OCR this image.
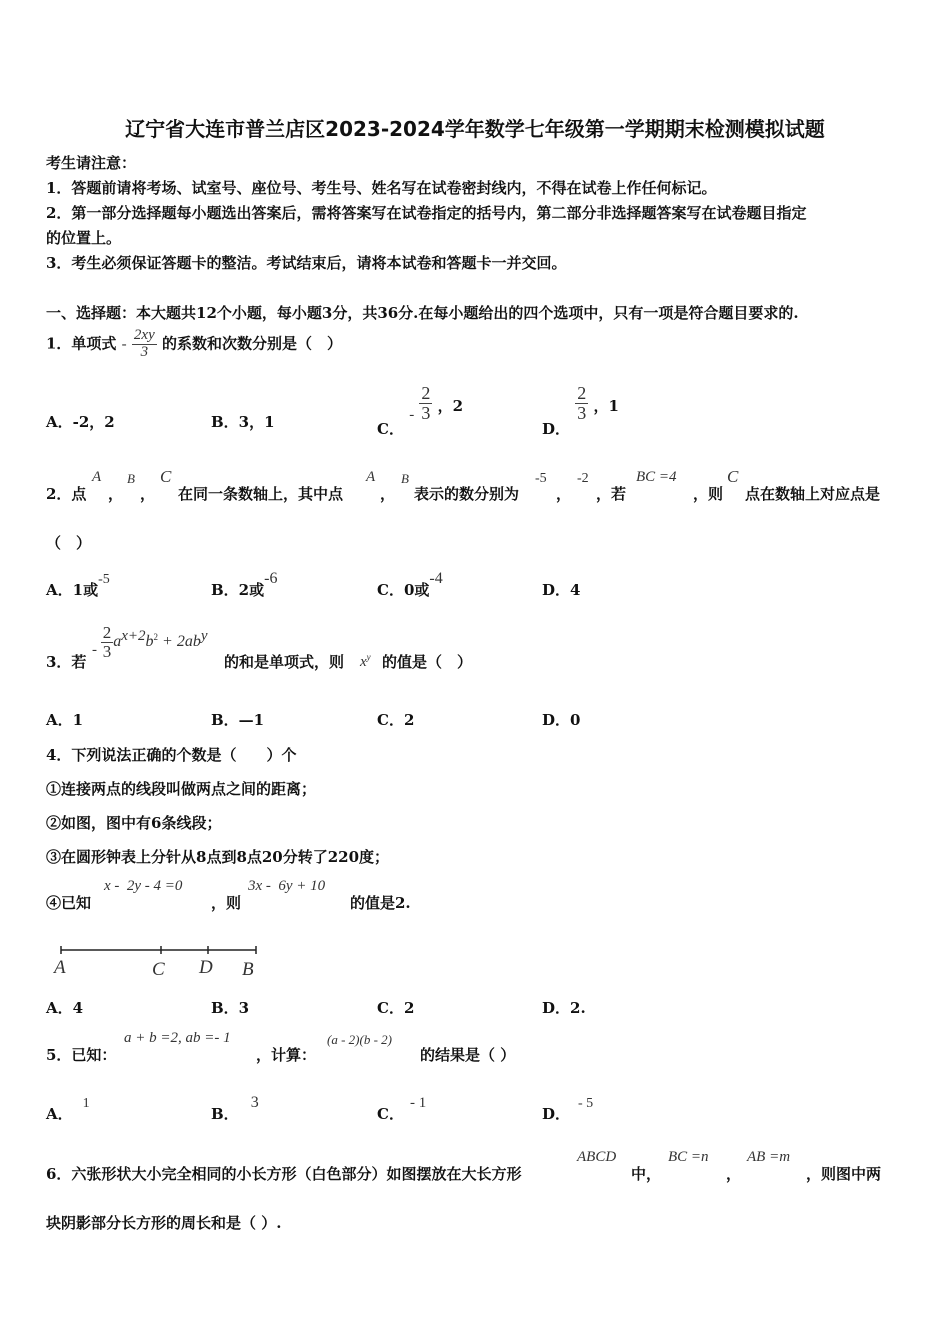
辽宁省大连市普兰店区2023-2024学年数学七年级第一学期期末检测模拟试题
考生请注意：
1．答题前请将考场、试室号、座位号、考生号、姓名写在试卷密封线内，不得在试卷上作任何标记。
2．第一部分选择题每小题选出答案后，需将答案写在试卷指定的括号内，第二部分非选择题答案写在试卷题目指定
的位置上。
3．考生必须保证答题卡的整洁。考试结束后，请将本试卷和答题卡一并交回。
一、选择题：本大题共12个小题，每小题3分，共36分.在每小题给出的四个选项中，只有一项是符合题目要求的.
1．单项式 - $\frac{2xy}{3}$ 的系数和次数分别是（　）
A．-2，2	B．3，1	C． - $\frac{2}{3}$ ，2
D．
$\frac{2}{3}$ ，1
2．点
A
，
B
，
C
在同一条数轴上，其中点
A
，
B
表示的数分别为
-5
，
-2
，若
BC =4
，则
C
点在数轴上对应点是
（　）
A．1或-5
B．2或-6
C．0或-4
D．4
3．若
- $\frac{2}{3} a^{x+2}b^2 + 2ab^y$
的和是单项式，则 $x^y$ 的值是（　）
A．1	B．—1	C．2	D．0
4．下列说法正确的个数是（　　）个
①连接两点的线段叫做两点之间的距离；
②如图，图中有6条线段；
③在圆形钟表上分针从8点到8点20分转了220度；
④已知
x -  2y - 4 =0
，则
3x -  6y + 10
的值是2.
A	C D B
A．4	B．3	C．2	D．2.
5．已知：
a + b =2, ab =- 1
，计算：
(a - 2)(b - 2)
的结果是（ ）
A．1
B．3
C．- 1
D．- 5
6．六张形状大小完全相同的小长方形（白色部分）如图摆放在大长方形
ABCD
中，
BC =n
，
AB =m
，则图中两
块阴影部分长方形的周长和是（ ）.
